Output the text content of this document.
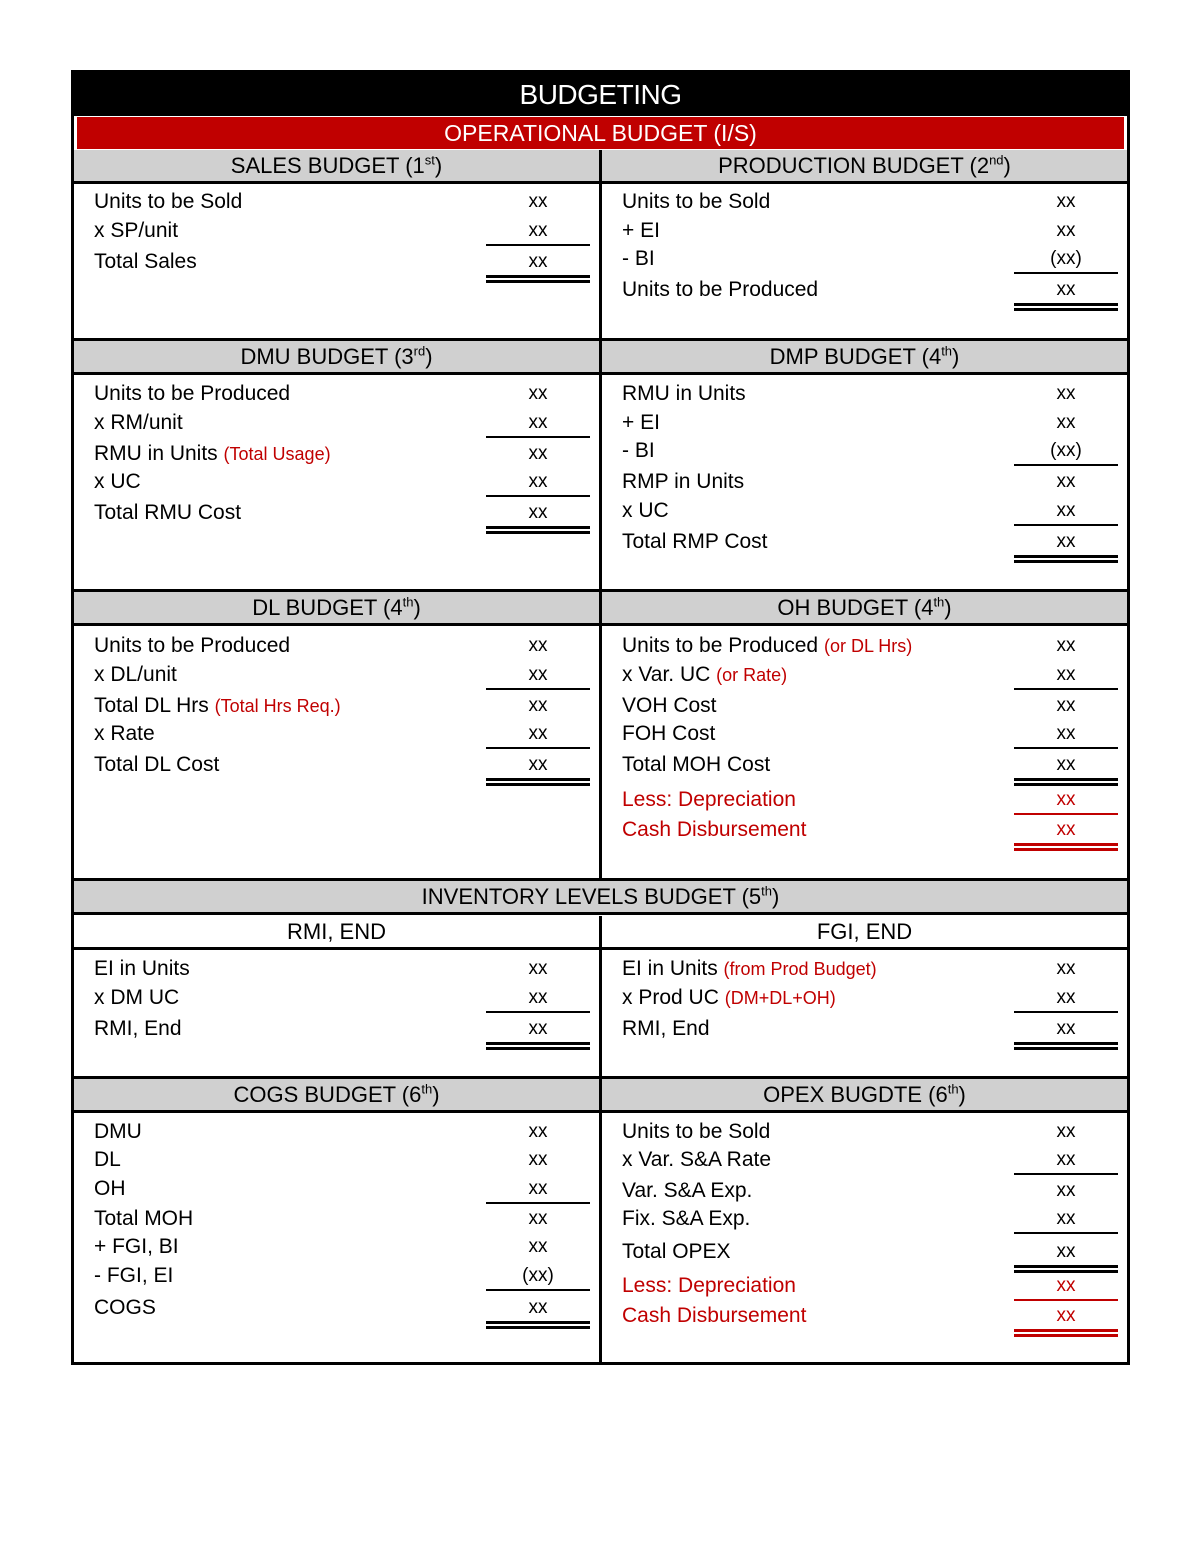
BUDGETING
OPERATIONAL BUDGET (I/S)
SALES BUDGET (1st)	PRODUCTION BUDGET (2nd)
DMU BUDGET (3rd)	DMP BUDGET (4th)
DL BUDGET (4th)	OH BUDGET (4th)
INVENTORY LEVELS BUDGET (5th)
RMI, END	FGI, END
COGS BUDGET (6th)	OPEX BUGDTE (6th)
Units to be Sold	xx
x SP/unit	xx
Total Sales	xx
Units to be Sold	xx
+ EI	xx
- BI	(xx)
Units to be Produced	xx
Units to be Produced	xx
x RM/unit	xx
RMU in Units (Total Usage)	xx
x UC	xx
Total RMU Cost	xx
RMU in Units	xx
+ EI	xx
- BI	(xx)
RMP in Units	xx
x UC	xx
Total RMP Cost	xx
Units to be Produced	xx
x DL/unit	xx
Total DL Hrs (Total Hrs Req.)	xx
x Rate	xx
Total DL Cost	xx
Units to be Produced (or DL Hrs)	xx
x Var. UC (or Rate)	xx
VOH Cost	xx
FOH Cost	xx
Total MOH Cost	xx
Less: Depreciation	xx
Cash Disbursement	xx
EI in Units	xx
x DM UC	xx
RMI, End	xx
EI in Units (from Prod Budget)	xx
x Prod UC (DM+DL+OH)	xx
RMI, End	xx
DMU	xx
DL	xx
OH	xx
Total MOH	xx
+ FGI, BI	xx
- FGI, EI	(xx)
COGS	xx
Units to be Sold	xx
x Var. S&A Rate	xx
Var. S&A Exp.	xx
Fix. S&A Exp.	xx
Total OPEX	xx
Less: Depreciation	xx
Cash Disbursement	xx
